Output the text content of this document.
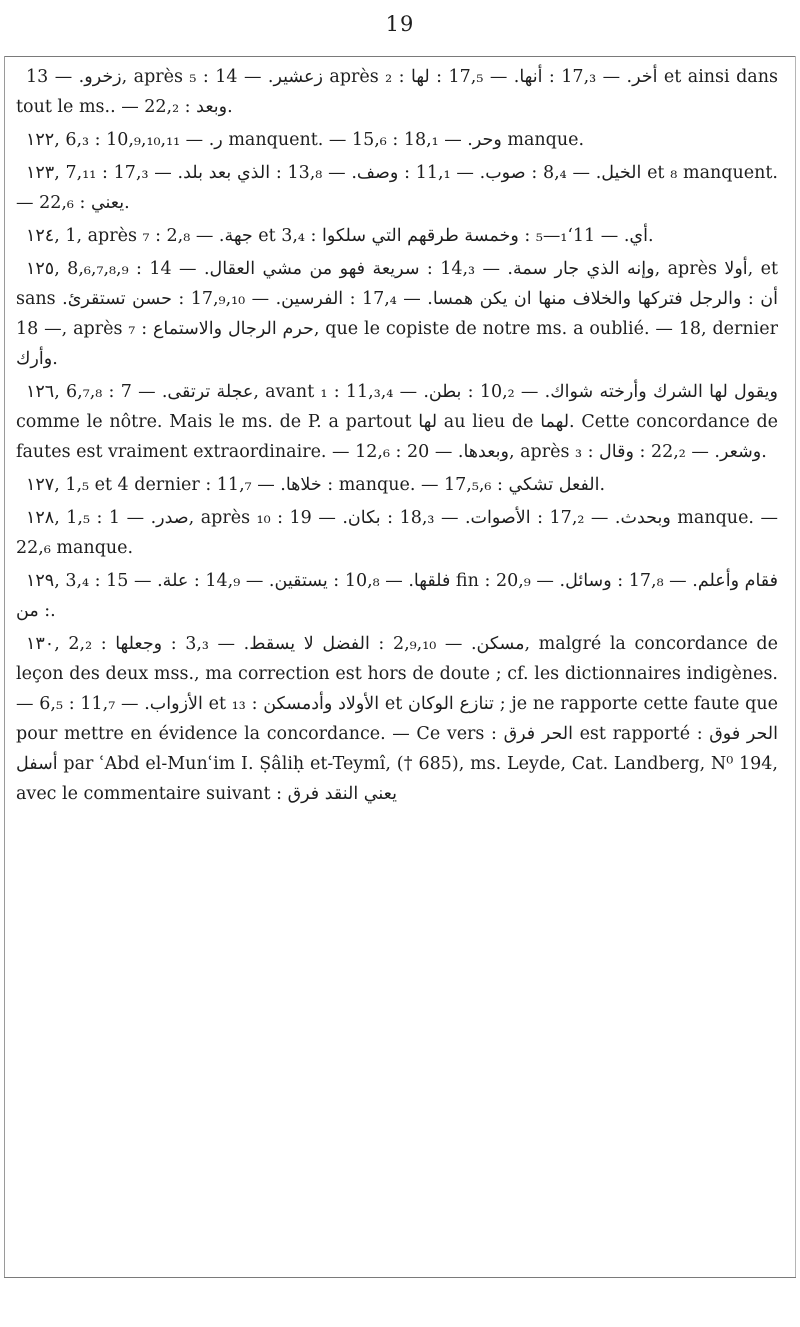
19

زخرو. — 13, après ₅ : زعشير. — 14 après ₂ : أخر. — 17,₃ : أنها. — 17,₅ : لها et ainsi dans tout le ms.. — 22,₂ : وبعد.

١٢٢, 6,₃ : ر. — 10,₉,₁₀,₁₁ manquent. — 15,₆ : وحر. — 18,₁ manque.

١٢٣, 7,₁₁ : الخيل. — 8,₄ : صوب. — 11,₁ : وصف. — 13,₈ : الذي بعد بلد. — 17,₃ et ₈ manquent. — 22,₆ : يعني.

١٢٤, 1, après ₇ : جهة. — 2,₈ et 3,₄ : أي. — 11‘₁—₅ : وخمسة طرقهم التي سلكوا.

١٢٥, 8,₆,₇,₈,₉ : وإنه الذي جار سمة. — 14,₃ : سريعة فهو من مشي العقال. — 14, après أولا, et sans أن : والرجل فتركها والخلاف منها ان يكن همسا. — 17,₄ : الفرسين. — 17,₉,₁₀ : حسن تستقرئ. — 18, après ₇ : حرم الرجال والاستماع, que le copiste de notre ms. a oublié. — 18, dernier وأرك.

١٢٦, 6,₇,₈ : عجلة ترتقى. — 7, avant ₁ : ويقول لها الشرك وأرخته شواك. — 10,₂ : بطن. — 11,₃,₄ comme le nôtre. Mais le ms. de P. a partout لها au lieu de لهما. Cette concordance de fautes est vraiment extraordinaire. — 12,₆ : وبعدها. — 20, après ₃ : وشعر. — 22,₂ : وقال.

١٢٧, 1,₅ et 4 dernier : خلاها. — 11,₇ : manque. — 17,₅,₆ : الفعل تشكي.

١٢٨, 1,₅ : صدر. — 1, après ₁₀ : وبحدث. — 17,₂ : الأصوات. — 18,₃ : بكان. — 19 manque. — 22,₆ manque.

١٢٩, 3,₄ : فلقها. — 10,₈ : يستقين. — 14,₉ : علة. — 15 fin : فقام وأعلم. — 17,₈ : وسائل. — 20,₉ : من.

١٣٠, 2,₂ : مسكن. — 2,₉,₁₀ : الفضل لا يسقط. — 3,₃ : وجعلها, malgré la concordance de leçon des deux mss., ma correction est hors de doute ; cf. les dictionnaires indigènes. — 6,₅ : الأزواب. — 11,₇ et ₁₃ : الأولاد وأدمسكن et تنازع الوكان ; je ne rapporte cette faute que pour mettre en évidence la concordance. — Ce vers : الحر فرق est rapporté : الحر فوق أسفل par ʿAbd el-Munʿim I. Ṣâliḥ et-Teymî, († 685), ms. Leyde, Cat. Landberg, N⁰ 194, avec le commentaire suivant : يعني النقد فرق
